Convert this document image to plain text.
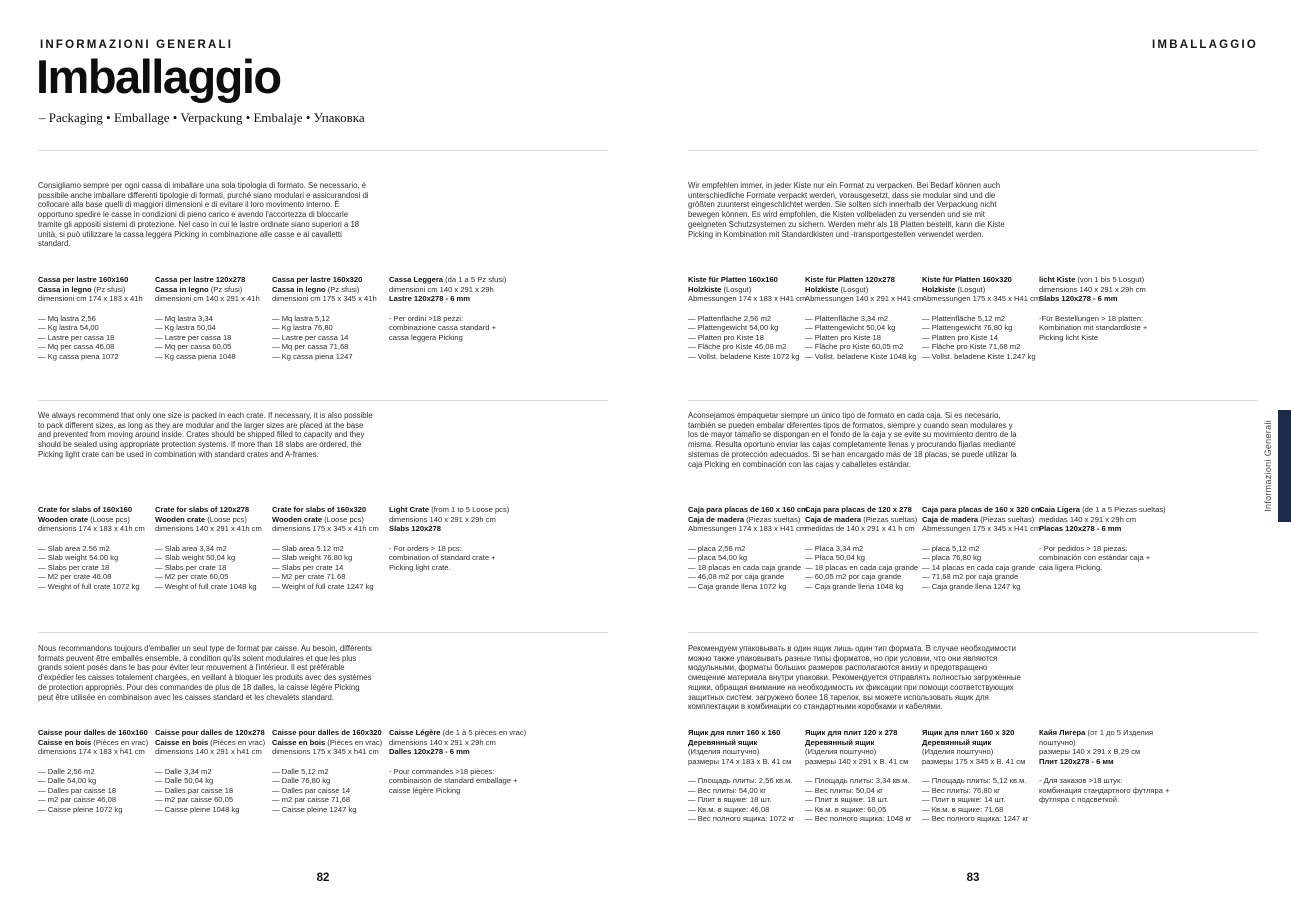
INFORMAZIONI GENERALI	IMBALLAGGIO
Imballaggio
– Packaging • Emballage • Verpackung • Embalaje • Упаковка
Consigliamo sempre per ogni cassa di imballare una sola tipologia di formato. Se necessario, è possibile anche imballare differenti tipologie di formati, purché siano modulari e assicurandosi di collocare alla base quelli di maggiori dimensioni e di evitare il loro movimento interno. È opportuno spedire le casse in condizioni di pieno carico e avendo l'accortezza di bloccarle tramite gli appositi sistemi di protezione. Nel caso in cui le lastre ordinate siano superiori a 18 unità, si può utilizzare la cassa leggera Picking in combinazione alle casse e ai cavalletti standard.
Cassa per lastre 160x160
Cassa in legno (Pz sfusi)
dimensioni cm 174 x 183 x 41h
— Mq lastra 2,56
— Kg lastra 54,00
— Lastre per cassa 18
— Mq per cassa 46,08
— Kg cassa piena 1072
Cassa per lastre 120x278
Cassa in legno (Pz sfusi)
dimensioni cm 140 x 291 x 41h
— Mq lastra 3,34
— Kg lastra 50,04
— Lastre per cassa 18
— Mq per cassa 60,05
— Kg cassa piena 1048
Cassa per lastre 160x320
Cassa in legno (Pz sfusi)
dimensioni cm 175 x 345 x 41h
— Mq lastra 5,12
— Kg lastra 76,80
— Lastre per cassa 14
— Mq per cassa 71,68
— Kg cassa piena 1247
Cassa Leggera (da 1 a 5 Pz sfusi)
dimensioni cm 140 x 291 x 29h
Lastre 120x278 - 6 mm
- Per ordini >18 pezzi:
combinazione cassa standard +
cassa leggera Picking
We always recommend that only one size is packed in each crate. If necessary, it is also possible to pack different sizes, as long as they are modular and the larger sizes are placed at the base and prevented from moving around inside. Crates should be shipped filled to capacity and they should be sealed using appropriate protection systems. If more than 18 slabs are ordered, the Picking light crate can be used in combination with standard crates and A-frames.
Crate for slabs of 160x160
Wooden crate (Loose pcs)
dimensions 174 x 183 x 41h cm
— Slab area 2.56 m2
— Slab weight 54.00 kg
— Slabs per crate 18
— M2 per crate 46.08
— Weight of full crate 1072 kg
Crate for slabs of 120x278
Wooden crate (Loose pcs)
dimensions 140 x 291 x 41h cm
— Slab area 3,34 m2
— Slab weight 50,04 kg
— Slabs per crate 18
— M2 per crate 60,05
— Weight of full crate 1048 kg
Crate for slabs of 160x320
Wooden crate (Loose pcs)
dimensions 175 x 345 x 41h cm
— Slab area 5.12 m2
— Slab weight 76.80 kg
— Slabs per crate 14
— M2 per crate 71.68
— Weight of full crate 1247 kg
Light Crate (from 1 to 5 Loose pcs)
dimensions 140 x 291 x 29h cm
Slabs 120x278
- For orders > 18 pcs:
combination of standard crate +
Picking light crate.
Nous recommandons toujours d'emballer un seul type de format par caisse. Au besoin, différents formats peuvent être emballés ensemble, à condition qu'ils soient modulaires et que les plus grands soient posés dans le bas pour éviter leur mouvement à l'intérieur. Il est préférable d'expédier les caisses totalement chargées, en veillant à bloquer les produits avec des systèmes de protection appropriés. Pour des commandes de plus de 18 dalles, la caisse légère Picking peut être utilisée en combinaison avec les caisses standard et les chevalets standard.
Caisse pour dalles de 160x160
Caisse en bois (Pièces en vrac)
dimensions 174 x 183 x h41 cm
— Dalle 2,56 m2
— Dalle 54,00 kg
— Dalles par caisse 18
— m2 par caisse 46,08
— Caisse pleine 1072 kg
Caisse pour dalles de 120x278
Caisse en bois (Pièces en vrac)
dimensions 140 x 291 x h41 cm
— Dalle 3,34 m2
— Dalle 50,04 kg
— Dalles par caisse 18
— m2 par caisse 60,05
— Caisse pleine 1048 kg
Caisse pour dalles de 160x320
Caisse en bois (Pièces en vrac)
dimensions 175 x 345 x h41 cm
— Dalle 5,12 m2
— Dalle 76,80 kg
— Dalles par caisse 14
— m2 par caisse 71,68
— Caisse pleine 1247 kg
Caisse Légère (de 1 à 5 pièces en vrac)
dimensions 140 x 291 x 29h cm
Dalles 120x278 - 6 mm
- Pour commandes >18 pièces:
combinaison de standard emballage +
caisse légère Picking
82
Wir empfehlen immer, in jeder Kiste nur ein Format zu verpacken. Bei Bedarf können auch unterschiedliche Formate verpackt werden, vorausgesetzt, dass sie modular sind und die größten zuunterst eingeschlichtet werden. Sie sollten sich innerhalb der Verpackung nicht bewegen können. Es wird empfohlen, die Kisten vollbeladen zu versenden und sie mit geeigneten Schutzsystemen zu sichern. Werden mehr als 18 Platten bestellt, kann die Kiste Picking in Kombination mit Standardkisten und -transportgestellen verwendet werden.
Kiste für Platten 160x160
Holzkiste (Losgut)
Abmessungen 174 x 183 x H41 cm
— Plattenfläche 2,56 m2
— Plattengewicht 54,00 kg
— Platten pro Kiste 18
— Fläche pro Kiste 46,08 m2
— Vollst. beladene Kiste 1072 kg
Kiste für Platten 120x278
Holzkiste (Losgut)
Abmessungen 140 x 291 x H41 cm
— Plattenfläche 3,34 m2
— Plattengewicht 50,04 kg
— Platten pro Kiste 18
— Fläche pro Kiste 60,05 m2
— Vollst. beladene Kiste 1048 kg
Kiste für Platten 160x320
Holzkiste (Losgut)
Abmessungen 175 x 345 x H41 cm
— Plattenfläche 5,12 m2
— Plattengewicht 76,80 kg
— Platten pro Kiste 14
— Fläche pro Kiste 71,68 m2
— Vollst. beladene Kiste 1.247 kg
licht Kiste (von 1 bis 5 Losgut)
dimensions 140 x 291 x 29h cm
Slabs 120x278 - 6 mm
-Für Bestellungen > 18 platten:
Kombination mit standardkiste +
Picking licht Kiste
Aconsejamos empaquetar siempre un único tipo de formato en cada caja. Si es necesario, también se pueden embalar diferentes tipos de formatos, siempre y cuando sean modulares y los de mayor tamaño se dispongan en el fondo de la caja y se evite su movimiento dentro de la misma. Resulta oportuno enviar las cajas completamente llenas y procurando fijarlas mediante sistemas de protección adecuados. Si se han encargado más de 18 placas, se puede utilizar la caja Picking en combinación con las cajas y caballetes estándar.
Caja para placas de 160 x 160 cm
Caja de madera (Piezas sueltas)
Abmessungen 174 x 183 x H41 cm
— placa 2,56 m2
— placa 54,00 kg
— 18 placas en cada caja grande
— 46,08 m2 por caja grande
— Caja grande llena 1072 kg
Caja para placas de 120 x 278
Caja de madera (Piezas sueltas)
medidas de 140 x 291 x 41 h cm
— Placa 3,34 m2
— Placa 50,04 kg
— 18 placas en cada caja grande
— 60,05 m2 por caja grande
— Caja grande llena 1048 kg
Caja para placas de 160 x 320 cm
Caja de madera (Piezas sueltas)
Abmessungen 175 x 345 x H41 cm
— placa 5,12 m2
— placa 76,80 kg
— 14 placas en cada caja grande
— 71,68 m2 por caja grande
— Caja grande llena 1247 kg
Caia Ligera (de 1 a 5 Piezas sueltas)
medidas 140 x 291 x 29h cm
Placas 120x278 - 6 mm
- Por pedidos > 18 piezas:
combinación con estándar caja +
caia ligera Picking.
Рекомендуем упаковывать в один ящик лишь один тип формата. В случае необходимости можно также упаковывать разные типы форматов, но при условии, что они являются модульными, форматы больших размеров располагаются внизу и предотвращено смещение материала внутри упаковки. Рекомендуется отправлять полностью загруженные ящики, обращая внимание на необходимость их фиксации при помощи соответствующих защитных систем. загружено более 18 тарелок, вы можете использовать ящик для комплектации в комбинации со стандартными коробками и кабелями.
Ящик для плит 160 х 160
Деревянный ящик
(Изделия поштучно)
размеры 174 х 183 х В. 41 см
— Площадь плиты: 2,56 кв.м.
— Вес плиты: 54,00 кг
— Плит в ящике: 18 шт.
— Кв.м. в ящике: 46,08
— Вес полного ящика: 1072 кг
Ящик для плит 120 х 278
Деревянный ящик
(Изделия поштучно)
размеры 140 х 291 х В. 41 см
— Площадь плиты: 3,34 кв.м.
— Вес плиты: 50,04 кг
— Плит в ящике: 18 шт.
— Кв.м. в ящике: 60,05
— Вес полного ящика: 1048 кг
Ящик для плит 160 х 320
Деревянный ящик
(Изделия поштучно)
размеры 175 х 345 х В. 41 см
— Площадь плиты: 5,12 кв.м.
— Вес плиты: 76,80 кг
— Плит в ящике: 14 шт.
— Кв.м. в ящике: 71,68
— Вес полного ящика: 1247 кг
Кайя Лигера (от 1 до 5 Изделия
поштучно)
размеры 140 х 291 х В.29 см
Плит 120х278 - 6 мм
- Для заказов >18 штук:
комбинация стандартного футляра +
футляра с подсветкой.
83
Informazioni Generali
